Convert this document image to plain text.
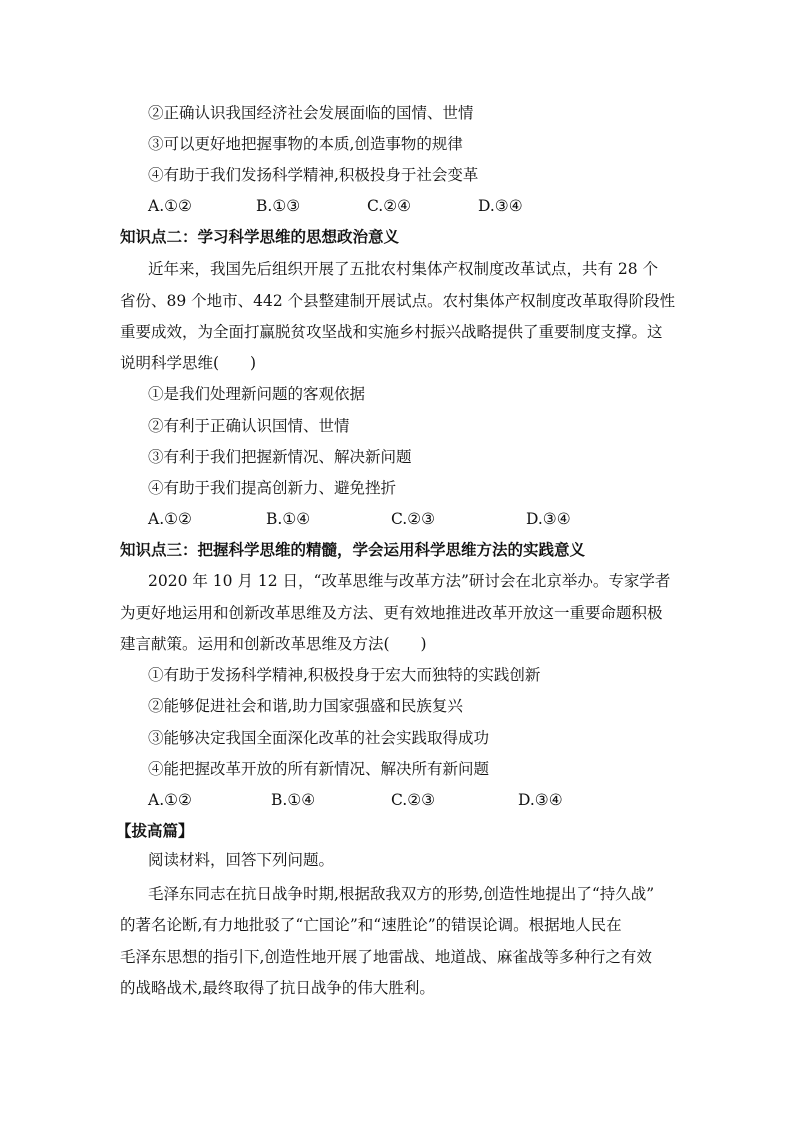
②正确认识我国经济社会发展面临的国情、世情
③可以更好地把握事物的本质,创造事物的规律
④有助于我们发扬科学精神,积极投身于社会变革
A.①②	B.①③	C.②④	D.③④
知识点二：学习科学思维的思想政治意义
近年来，我国先后组织开展了五批农村集体产权制度改革试点，共有 28 个
省份、89 个地市、442 个县整建制开展试点。农村集体产权制度改革取得阶段性
重要成效，为全面打赢脱贫攻坚战和实施乡村振兴战略提供了重要制度支撑。这
说明科学思维(　　)
①是我们处理新问题的客观依据
②有利于正确认识国情、世情
③有利于我们把握新情况、解决新问题
④有助于我们提高创新力、避免挫折
A.①②	B.①④	C.②③	D.③④
知识点三：把握科学思维的精髓，学会运用科学思维方法的实践意义
2020 年 10 月 12 日，“改革思维与改革方法”研讨会在北京举办。专家学者
为更好地运用和创新改革思维及方法、更有效地推进改革开放这一重要命题积极
建言献策。运用和创新改革思维及方法(　　)
①有助于发扬科学精神,积极投身于宏大而独特的实践创新
②能够促进社会和谐,助力国家强盛和民族复兴
③能够决定我国全面深化改革的社会实践取得成功
④能把握改革开放的所有新情况、解决所有新问题
A.①②	B.①④	C.②③	D.③④
【拔高篇】
阅读材料，回答下列问题。
毛泽东同志在抗日战争时期,根据敌我双方的形势,创造性地提出了“持久战”
的著名论断,有力地批驳了“亡国论”和“速胜论”的错误论调。根据地人民在
毛泽东思想的指引下,创造性地开展了地雷战、地道战、麻雀战等多种行之有效
的战略战术,最终取得了抗日战争的伟大胜利。
